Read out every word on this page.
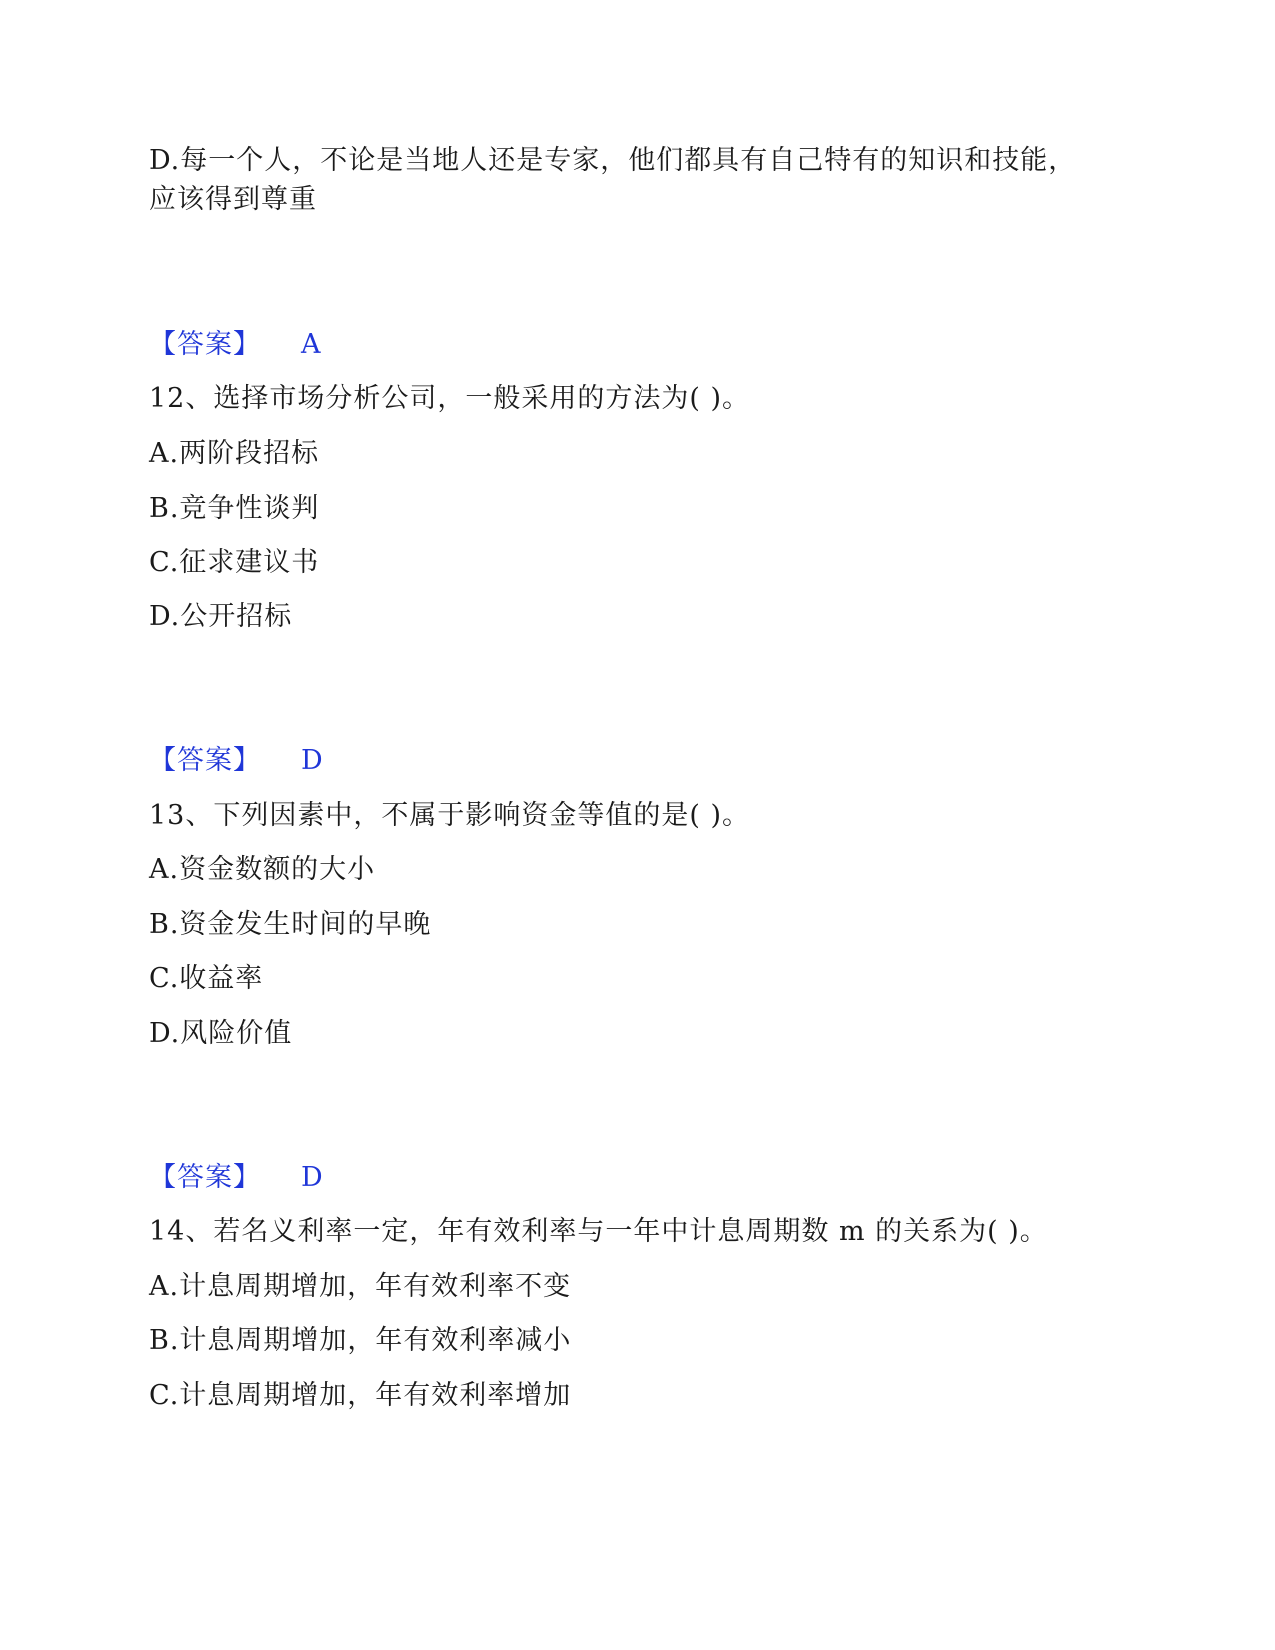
D.每一个人，不论是当地人还是专家，他们都具有自己特有的知识和技能，
应该得到尊重
【答案】 A
12、选择市场分析公司，一般采用的方法为( )。
A.两阶段招标
B.竞争性谈判
C.征求建议书
D.公开招标
【答案】 D
13、下列因素中，不属于影响资金等值的是( )。
A.资金数额的大小
B.资金发生时间的早晚
C.收益率
D.风险价值
【答案】 D
14、若名义利率一定，年有效利率与一年中计息周期数 m 的关系为( )。
A.计息周期增加，年有效利率不变
B.计息周期增加，年有效利率减小
C.计息周期增加，年有效利率增加
